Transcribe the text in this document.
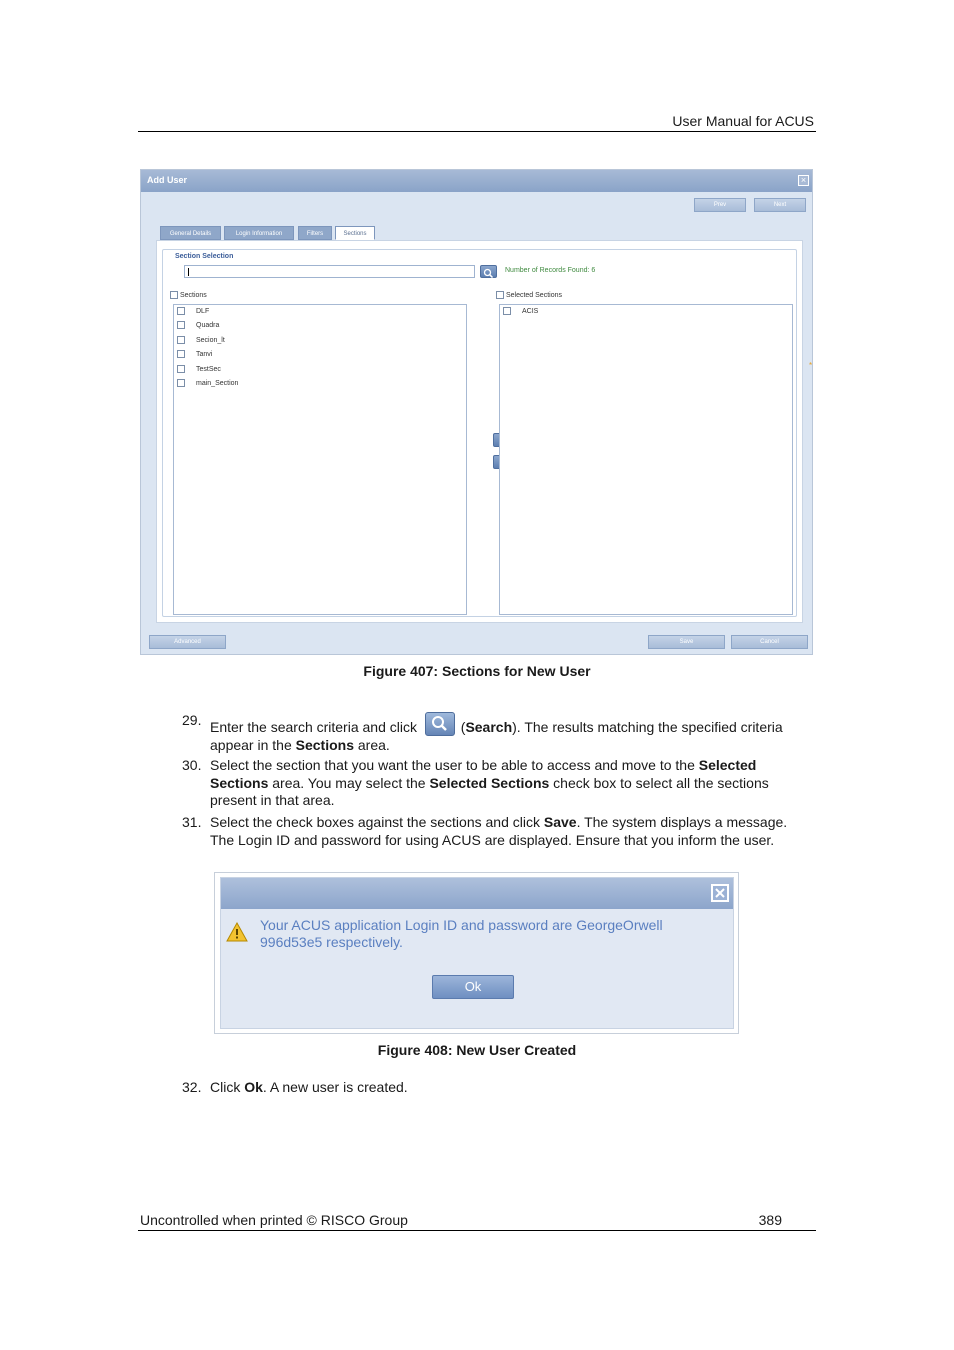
User Manual for ACUS
Add User	×
Prev	Next
General Details	Login Information	Filters	Sections
Section Selection
Number of Records Found: 6
Sections	Selected Sections
*
DLF
Quadra
Secion_lt
Tanvi
TestSec
main_Section
ACIS
Advanced	Save	Cancel
Figure 407: Sections for New User
29. Enter the search criteria and click	(Search). The results matching the specified criteria appear in the Sections area.
30. Select the section that you want the user to be able to access and move to the Selected Sections area. You may select the Selected Sections check box to select all the sections present in that area.
31. Select the check boxes against the sections and click Save. The system displays a message. The Login ID and password for using ACUS are displayed. Ensure that you inform the user.
Your ACUS application Login ID and password are GeorgeOrwell
996d53e5 respectively.
Ok
Figure 408: New User Created
32. Click Ok. A new user is created.
Uncontrolled when printed © RISCO Group	389
